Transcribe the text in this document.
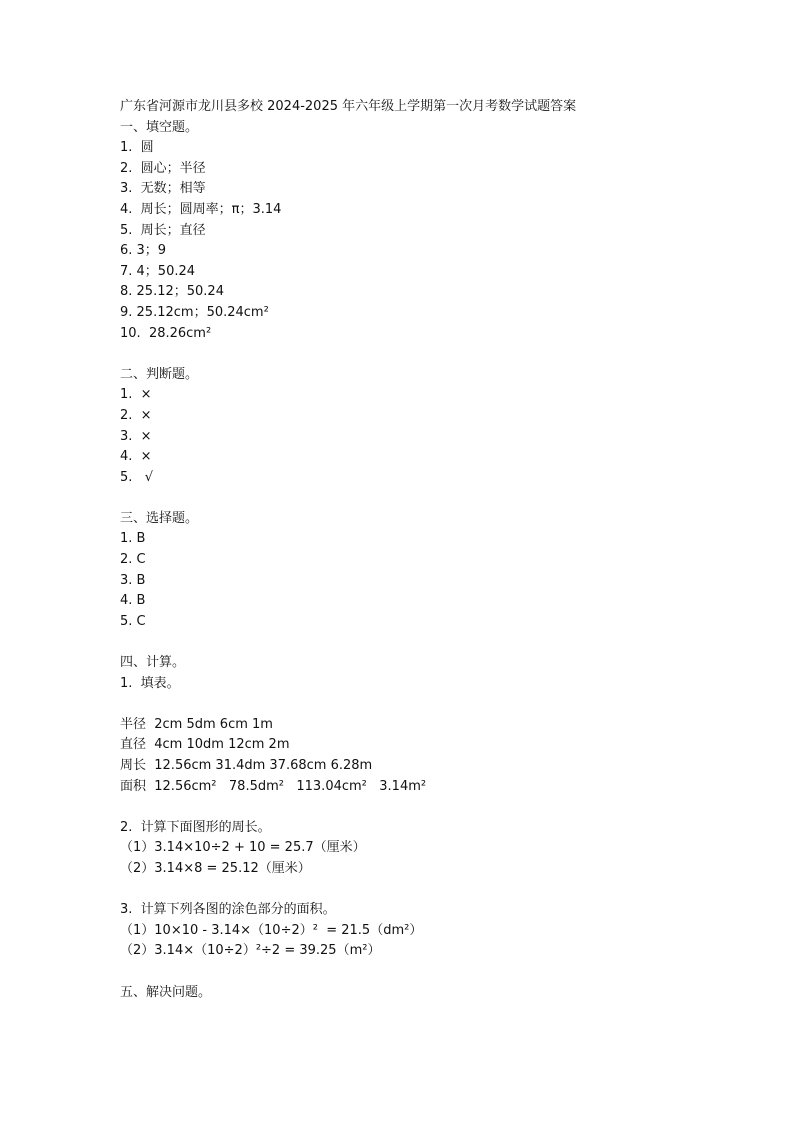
广东省河源市龙川县多校 2024-2025 年六年级上学期第一次月考数学试题答案
一、填空题。
1.  圆
2.  圆心；半径
3.  无数；相等
4.  周长；圆周率；π；3.14
5.  周长；直径
6. 3；9
7. 4；50.24
8. 25.12；50.24
9. 25.12cm；50.24cm²
10.  28.26cm²
二、判断题。
1.  ×
2.  ×
3.  ×
4.  ×
5.   √
三、选择题。
1. B
2. C
3. B
4. B
5. C
四、计算。
1.  填表。
半径  2cm 5dm 6cm 1m
直径  4cm 10dm 12cm 2m
周长  12.56cm 31.4dm 37.68cm 6.28m
面积  12.56cm²   78.5dm²   113.04cm²   3.14m²
2.  计算下面图形的周长。
（1）3.14×10÷2 + 10 = 25.7（厘米）
（2）3.14×8 = 25.12（厘米）
3.  计算下列各图的涂色部分的面积。
（1）10×10 - 3.14×（10÷2）²  = 21.5（dm²）
（2）3.14×（10÷2）²÷2 = 39.25（m²）
五、解决问题。
